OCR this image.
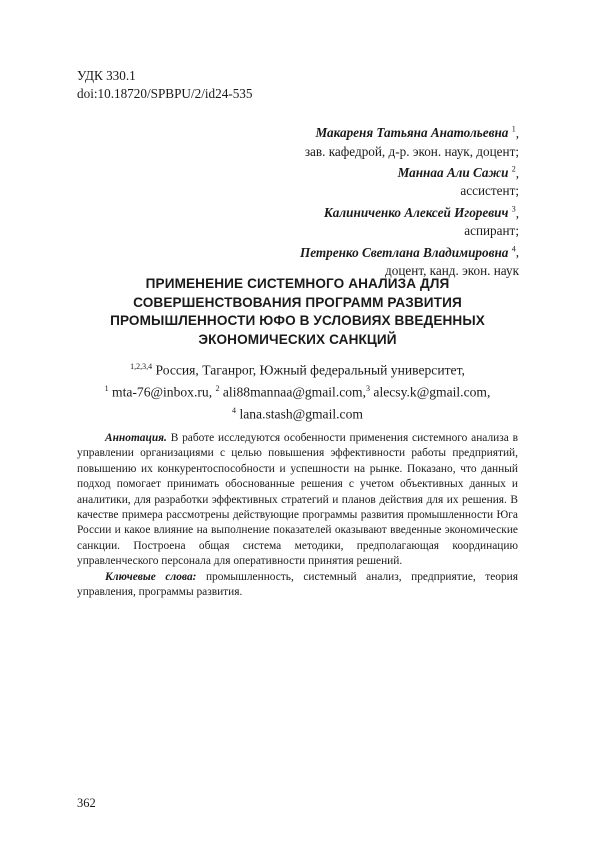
УДК 330.1
doi:10.18720/SPBPU/2/id24-535
Макареня Татьяна Анатольевна $^1$,
зав. кафедрой, д-р. экон. наук, доцент;
Маннаа Али Сажи $^2$,
ассистент;
Калиниченко Алексей Игоревич $^3$,
аспирант;
Петренко Светлана Владимировна $^4$,
доцент, канд. экон. наук
ПРИМЕНЕНИЕ СИСТЕМНОГО АНАЛИЗА ДЛЯ
СОВЕРШЕНСТВОВАНИЯ ПРОГРАММ РАЗВИТИЯ
ПРОМЫШЛЕННОСТИ ЮФО В УСЛОВИЯХ ВВЕДЕННЫХ
ЭКОНОМИЧЕСКИХ САНКЦИЙ
$^{1,2,3,4}$ Россия, Таганрог, Южный федеральный университет,
$^1$ mta-76@inbox.ru, $^2$ ali88mannaa@gmail.com,$^3$ alecsy.k@gmail.com,
$^4$ lana.stash@gmail.com

Аннотация. В работе исследуются особенности применения системного анализа в управлении организациями с целью повышения эффективности работы предприятий, повышению их конкурентоспособности и успешности на рынке. Показано, что данный подход помогает принимать обоснованные решения с учетом объективных данных и аналитики, для разработки эффективных стратегий и планов действия для их решения. В качестве примера рассмотрены действующие программы развития промышленности Юга России и какое влияние на выполнение показателей оказывают введенные экономические санкции. Построена общая система методики, предполагающая координацию управленческого персонала для оперативности принятия решений.

Ключевые слова: промышленность, системный анализ, предприятие, теория управления, программы развития.

362
